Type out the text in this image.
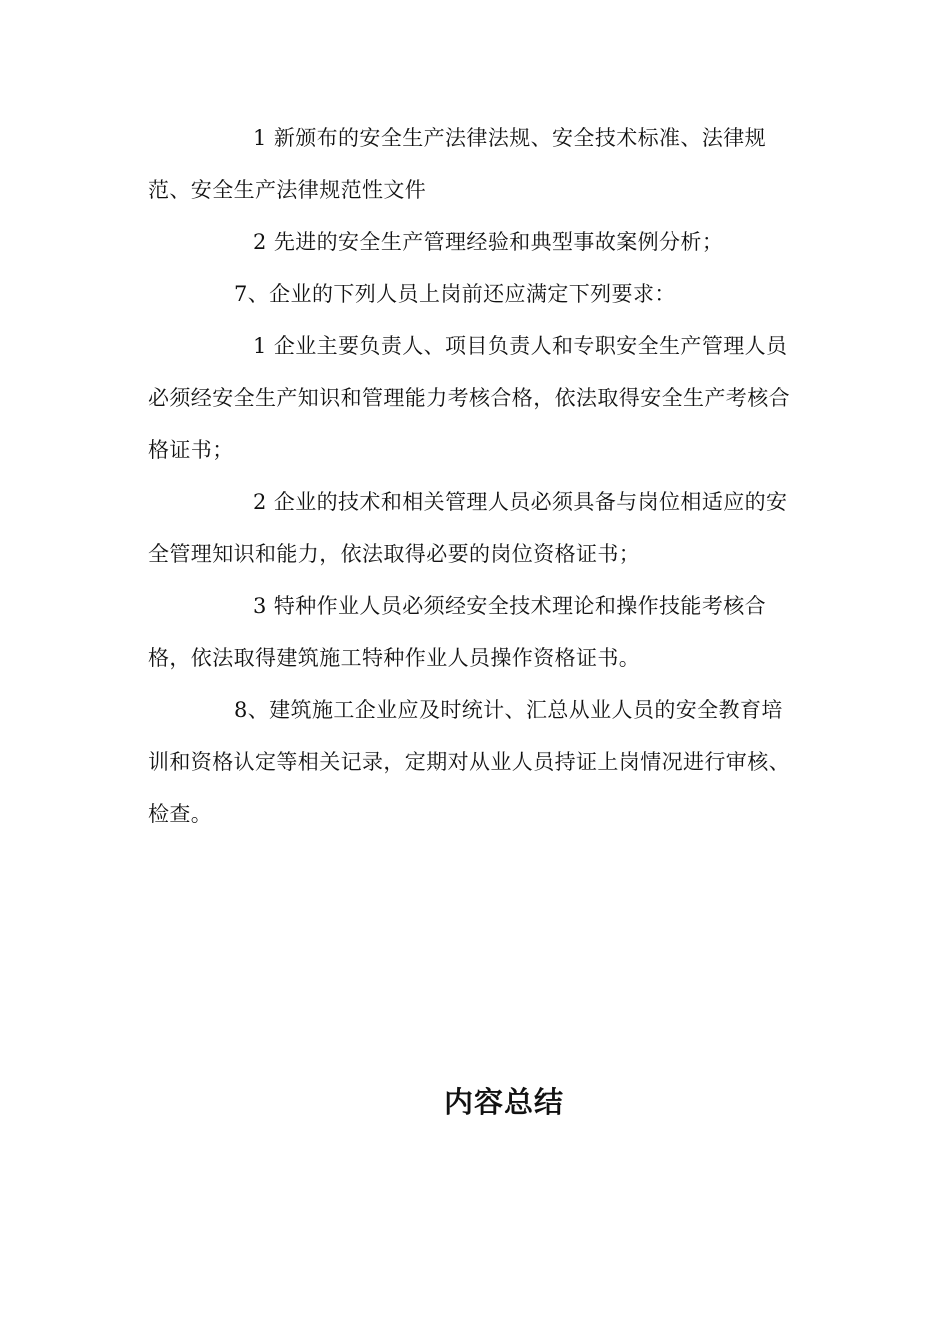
1 新颁布的安全生产法律法规、安全技术标准、法律规范、安全生产法律规范性文件

2 先进的安全生产管理经验和典型事故案例分析；

7、企业的下列人员上岗前还应满定下列要求：

1 企业主要负责人、项目负责人和专职安全生产管理人员必须经安全生产知识和管理能力考核合格，依法取得安全生产考核合格证书；

2 企业的技术和相关管理人员必须具备与岗位相适应的安全管理知识和能力，依法取得必要的岗位资格证书；

3 特种作业人员必须经安全技术理论和操作技能考核合格，依法取得建筑施工特种作业人员操作资格证书。

8、建筑施工企业应及时统计、汇总从业人员的安全教育培训和资格认定等相关记录，定期对从业人员持证上岗情况进行审核、检查。

内容总结
